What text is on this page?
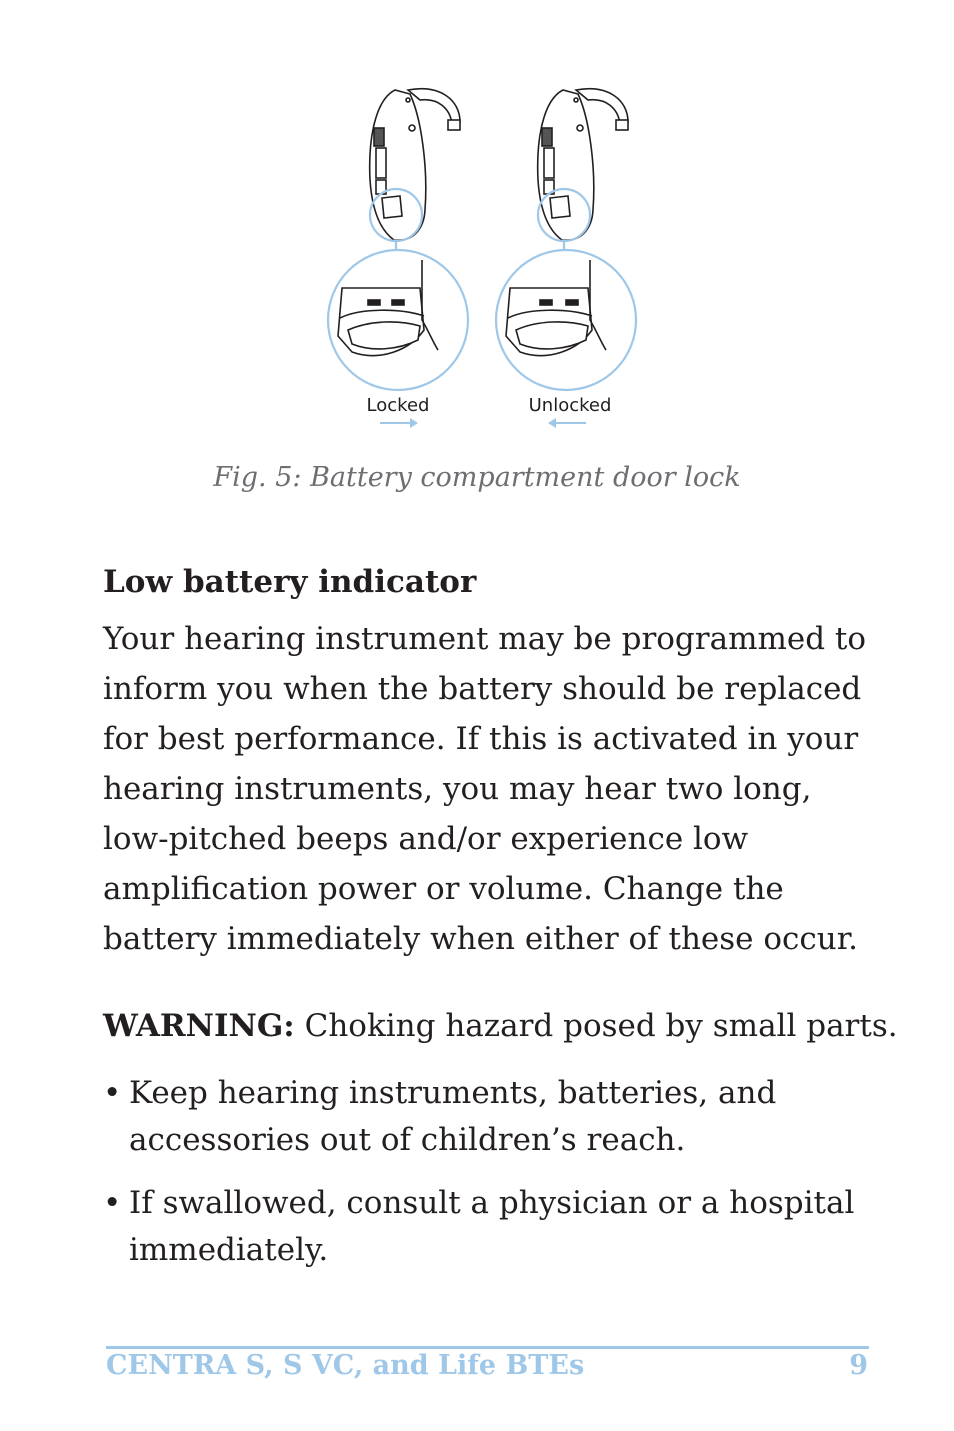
Locked	Unlocked
Fig. 5: Battery compartment door lock
Low battery indicator
Your hearing instrument may be programmed to
inform you when the battery should be replaced
for best performance. If this is activated in your
hearing instruments, you may hear two long,
low-pitched beeps and/or experience low
amplification power or volume. Change the
battery immediately when either of these occur.
WARNING: Choking hazard posed by small parts.
• Keep hearing instruments, batteries, and
accessories out of children’s reach.
• If swallowed, consult a physician or a hospital
immediately.
CENTRA S, S VC, and Life BTEs	9
